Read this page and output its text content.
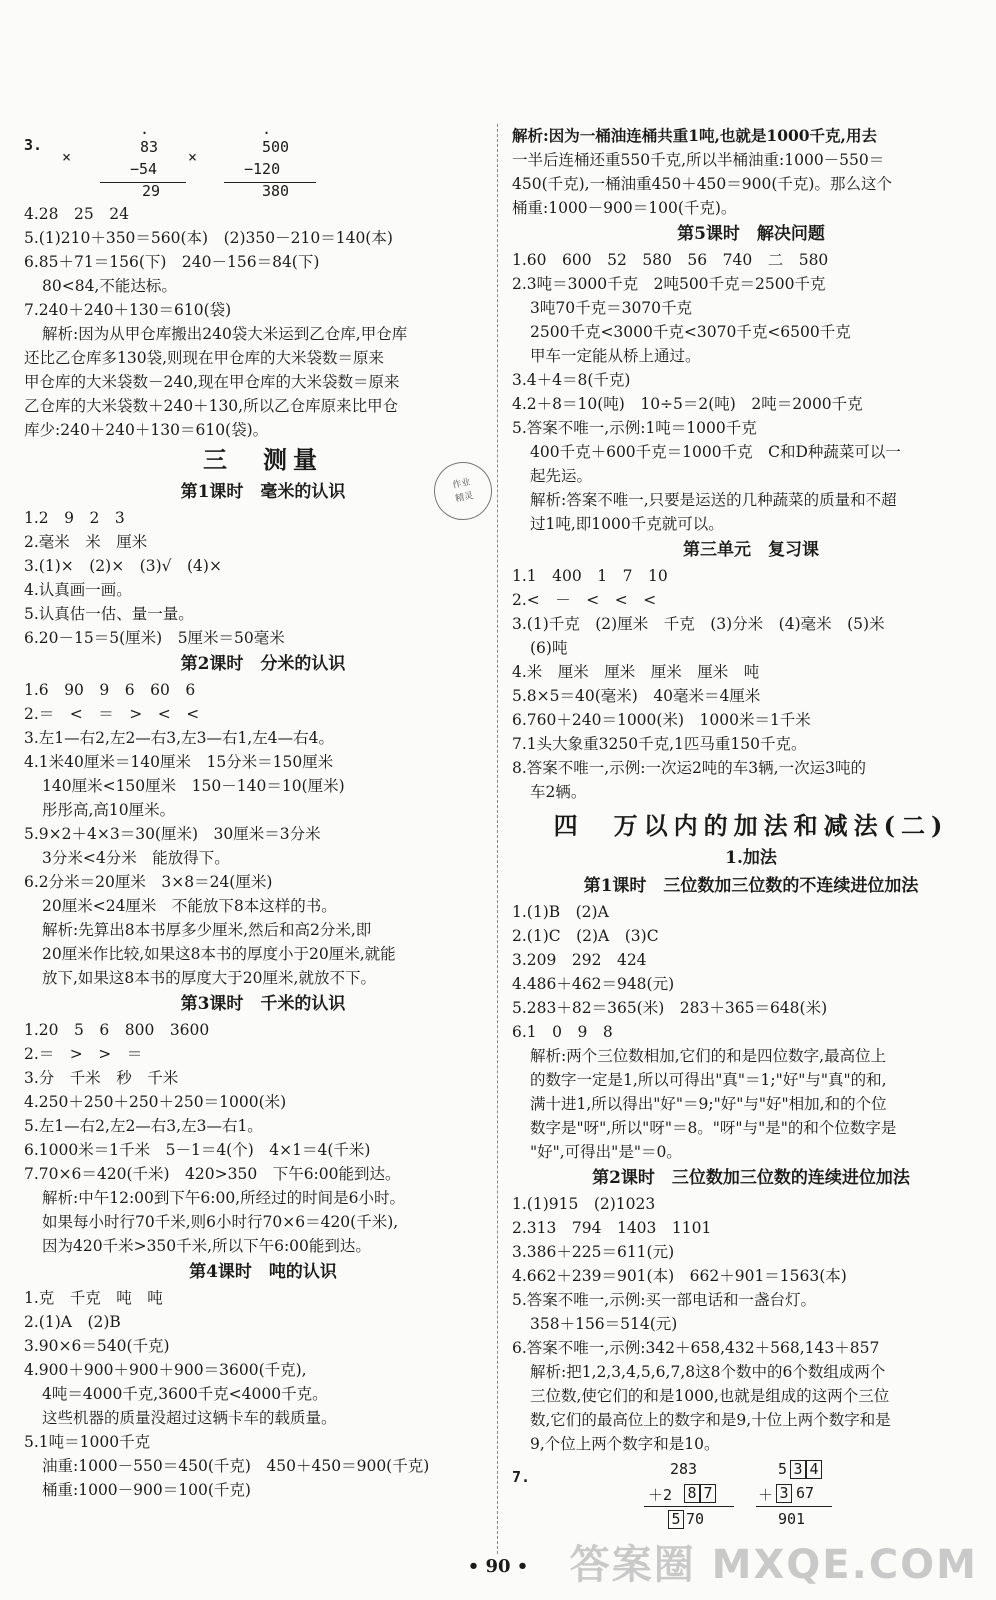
作业
精灵
3.
×
·
83
−54
29
×
·
500
−120
380
4.28　25　24
5.(1)210＋350＝560(本)　(2)350－210＝140(本)
6.85＋71＝156(下)　240－156＝84(下)
80<84,不能达标。
7.240＋240＋130＝610(袋)
解析:因为从甲仓库搬出240袋大米运到乙仓库,甲仓库
还比乙仓库多130袋,则现在甲仓库的大米袋数＝原来
甲仓库的大米袋数－240,现在甲仓库的大米袋数＝原来
乙仓库的大米袋数＋240＋130,所以乙仓库原来比甲仓
库少:240＋240＋130＝610(袋)。
三　测量
第1课时　毫米的认识
1.2　9　2　3
2.毫米　米　厘米
3.(1)×　(2)×　(3)√　(4)×
4.认真画一画。
5.认真估一估、量一量。
6.20－15＝5(厘米)　5厘米＝50毫米
第2课时　分米的认识
1.6　90　9　6　60　6
2.＝　<　＝　>　<　<
3.左1—右2,左2—右3,左3—右1,左4—右4。
4.1米40厘米＝140厘米　15分米＝150厘米
140厘米<150厘米　150－140＝10(厘米)
彤彤高,高10厘米。
5.9×2＋4×3＝30(厘米)　30厘米＝3分米
3分米<4分米　能放得下。
6.2分米＝20厘米　3×8＝24(厘米)
20厘米<24厘米　不能放下8本这样的书。
解析:先算出8本书厚多少厘米,然后和高2分米,即
20厘米作比较,如果这8本书的厚度小于20厘米,就能
放下,如果这8本书的厚度大于20厘米,就放不下。
第3课时　千米的认识
1.20　5　6　800　3600
2.＝　>　>　＝
3.分　千米　秒　千米
4.250＋250＋250＋250＝1000(米)
5.左1—右2,左2—右3,左3—右1。
6.1000米＝1千米　5－1＝4(个)　4×1＝4(千米)
7.70×6＝420(千米)　420>350　下午6:00能到达。
解析:中午12:00到下午6:00,所经过的时间是6小时。
如果每小时行70千米,则6小时行70×6＝420(千米),
因为420千米>350千米,所以下午6:00能到达。
第4课时　吨的认识
1.克　千克　吨　吨
2.(1)A　(2)B
3.90×6＝540(千克)
4.900＋900＋900＋900＝3600(千克),
4吨＝4000千克,3600千克<4000千克。
这些机器的质量没超过这辆卡车的载质量。
5.1吨＝1000千克
油重:1000－550＝450(千克)　450＋450＝900(千克)
桶重:1000－900＝100(千克)
解析:因为一桶油连桶共重1吨,也就是1000千克,用去
一半后连桶还重550千克,所以半桶油重:1000－550＝
450(千克),一桶油重450＋450＝900(千克)。那么这个
桶重:1000－900＝100(千克)。
第5课时　解决问题
1.60　600　52　580　56　740　二　580
2.3吨＝3000千克　2吨500千克＝2500千克
3吨70千克＝3070千克
2500千克<3000千克<3070千克<6500千克
甲车一定能从桥上通过。
3.4＋4＝8(千克)
4.2＋8＝10(吨)　10÷5＝2(吨)　2吨＝2000千克
5.答案不唯一,示例:1吨＝1000千克
400千克＋600千克＝1000千克　C和D种蔬菜可以一
起先运。
解析:答案不唯一,只要是运送的几种蔬菜的质量和不超
过1吨,即1000千克就可以。
第三单元　复习课
1.1　400　1　7　10
2.<　－　<　<　<
3.(1)千克　(2)厘米　千克　(3)分米　(4)毫米　(5)米
(6)吨
4.米　厘米　厘米　厘米　厘米　吨
5.8×5＝40(毫米)　40毫米＝4厘米
6.760＋240＝1000(米)　1000米＝1千米
7.1头大象重3250千克,1匹马重150千克。
8.答案不唯一,示例:一次运2吨的车3辆,一次运3吨的
车2辆。
四　万以内的加法和减法(二)
1.加法
第1课时　三位数加三位数的不连续进位加法
1.(1)B　(2)A
2.(1)C　(2)A　(3)C
3.209　292　424
4.486＋462＝948(元)
5.283＋82＝365(米)　283＋365＝648(米)
6.1　0　9　8
解析:两个三位数相加,它们的和是四位数字,最高位上
的数字一定是1,所以可得出"真"＝1;"好"与"真"的和,
满十进1,所以得出"好"＝9;"好"与"好"相加,和的个位
数字是"呀",所以"呀"＝8。"呀"与"是"的和个位数字是
"好",可得出"是"＝0。
第2课时　三位数加三位数的连续进位加法
1.(1)915　(2)1023
2.313　794　1403　1101
3.386＋225＝611(元)
4.662＋239＝901(本)　662＋901＝1563(本)
5.答案不唯一,示例:买一部电话和一盏台灯。
358＋156＝514(元)
6.答案不唯一,示例:342＋658,432＋568,143＋857
解析:把1,2,3,4,5,6,7,8这8个数中的6个数组成两个
三位数,使它们的和是1000,也就是组成的这两个三位
数,它们的最高位上的数字和是9,十位上两个数字和是
9,个位上两个数字和是10。
7.	283
＋2 8 7
5 70
5 3 4
＋ 3 67
901
• 90 •	答案圈 MXQE.COM
